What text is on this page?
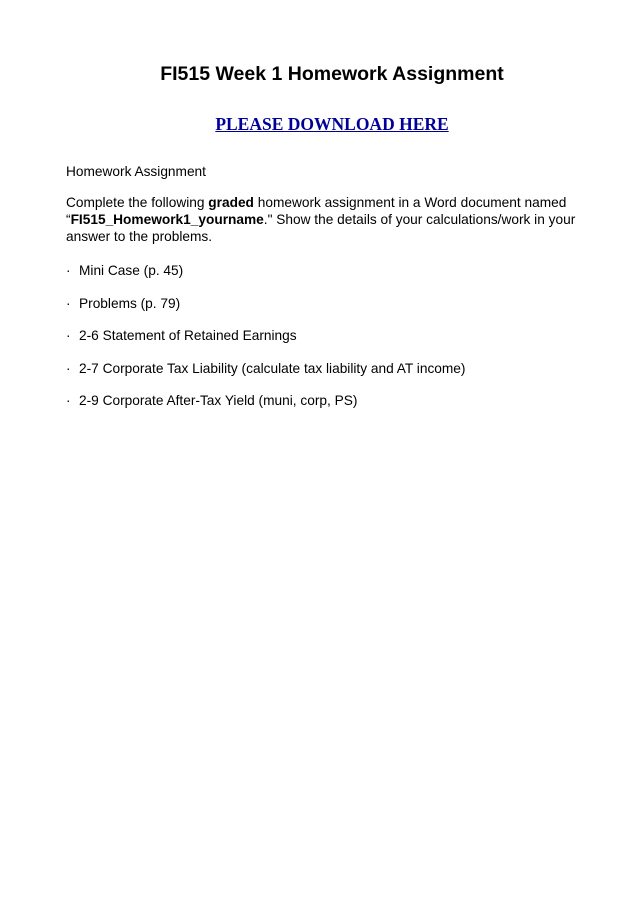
FI515 Week 1 Homework Assignment
PLEASE DOWNLOAD HERE
Homework Assignment
Complete the following graded homework assignment in a Word document named “FI515_Homework1_yourname." Show the details of your calculations/work in your answer to the problems.
· Mini Case (p. 45)
· Problems (p. 79)
· 2-6 Statement of Retained Earnings
· 2-7 Corporate Tax Liability (calculate tax liability and AT income)
· 2-9 Corporate After-Tax Yield (muni, corp, PS)
